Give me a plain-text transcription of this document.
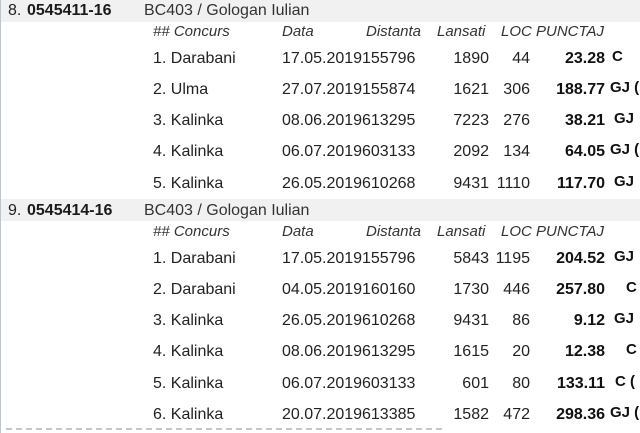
8. 0545411-16 BC403 / Gologan Iulian
## Concurs	Data	Distanta Lansati LOC PUNCTAJ
1. Darabani	17.05.2019 155796	1890	44	23.28 C
2. Ulma	27.07.2019 155874	1621 306	188.77 GJ (
3. Kalinka	08.06.2019 613295	7223 276	38.21 GJ
4. Kalinka	06.07.2019 603133	2092 134	64.05 GJ (
5. Kalinka	26.05.2019 610268	9431 1110	117.70 GJ
9. 0545414-16 BC403 / Gologan Iulian
## Concurs	Data	Distanta Lansati LOC PUNCTAJ
1. Darabani	17.05.2019 155796	5843 1195	204.52 GJ
2. Darabani	04.05.2019 160160	1730 446	257.80 C
3. Kalinka	26.05.2019 610268	9431	86	9.12 GJ
4. Kalinka	08.06.2019 613295	1615	20	12.38 C
5. Kalinka	06.07.2019 603133	601	80	133.11 C (
6. Kalinka	20.07.2019 613385	1582 472	298.36 GJ (
